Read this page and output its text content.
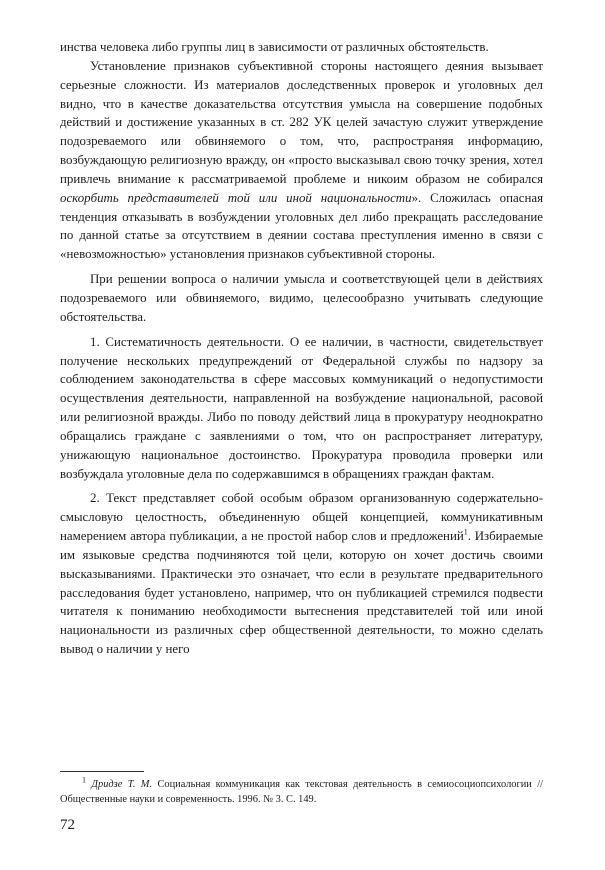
инства человека либо группы лиц в зависимости от различных обстоятельств.

Установление признаков субъективной стороны настоящего деяния вызывает серьезные сложности. Из материалов доследственных проверок и уголовных дел видно, что в качестве доказательства отсутствия умысла на совершение подобных действий и достижение указанных в ст. 282 УК целей зачастую служит утверждение подозреваемого или обвиняемого о том, что, распространяя информацию, возбуждающую религиозную вражду, он «просто высказывал свою точку зрения, хотел привлечь внимание к рассматриваемой проблеме и никоим образом не собирался оскорбить представителей той или иной национальности». Сложилась опасная тенденция отказывать в возбуждении уголовных дел либо прекращать расследование по данной статье за отсутствием в деянии состава преступления именно в связи с «невозможностью» установления признаков субъективной стороны.

При решении вопроса о наличии умысла и соответствующей цели в действиях подозреваемого или обвиняемого, видимо, целесообразно учитывать следующие обстоятельства.

1. Систематичность деятельности. О ее наличии, в частности, свидетельствует получение нескольких предупреждений от Федеральной службы по надзору за соблюдением законодательства в сфере массовых коммуникаций о недопустимости осуществления деятельности, направленной на возбуждение национальной, расовой или религиозной вражды. Либо по поводу действий лица в прокуратуру неоднократно обращались граждане с заявлениями о том, что он распространяет литературу, унижающую национальное достоинство. Прокуратура проводила проверки или возбуждала уголовные дела по содержавшимся в обращениях граждан фактам.

2. Текст представляет собой особым образом организованную содержательно-смысловую целостность, объединенную общей концепцией, коммуникативным намерением автора публикации, а не простой набор слов и предложений$^1$. Избираемые им языковые средства подчиняются той цели, которую он хочет достичь своими высказываниями. Практически это означает, что если в результате предварительного расследования будет установлено, например, что он публикацией стремился подвести читателя к пониманию необходимости вытеснения представителей той или иной национальности из различных сфер общественной деятельности, то можно сделать вывод о наличии у него

$^1$ Дридзе Т. М. Социальная коммуникация как текстовая деятельность в семиосоциопсихологии // Общественные науки и современность. 1996. № 3. С. 149.
72
